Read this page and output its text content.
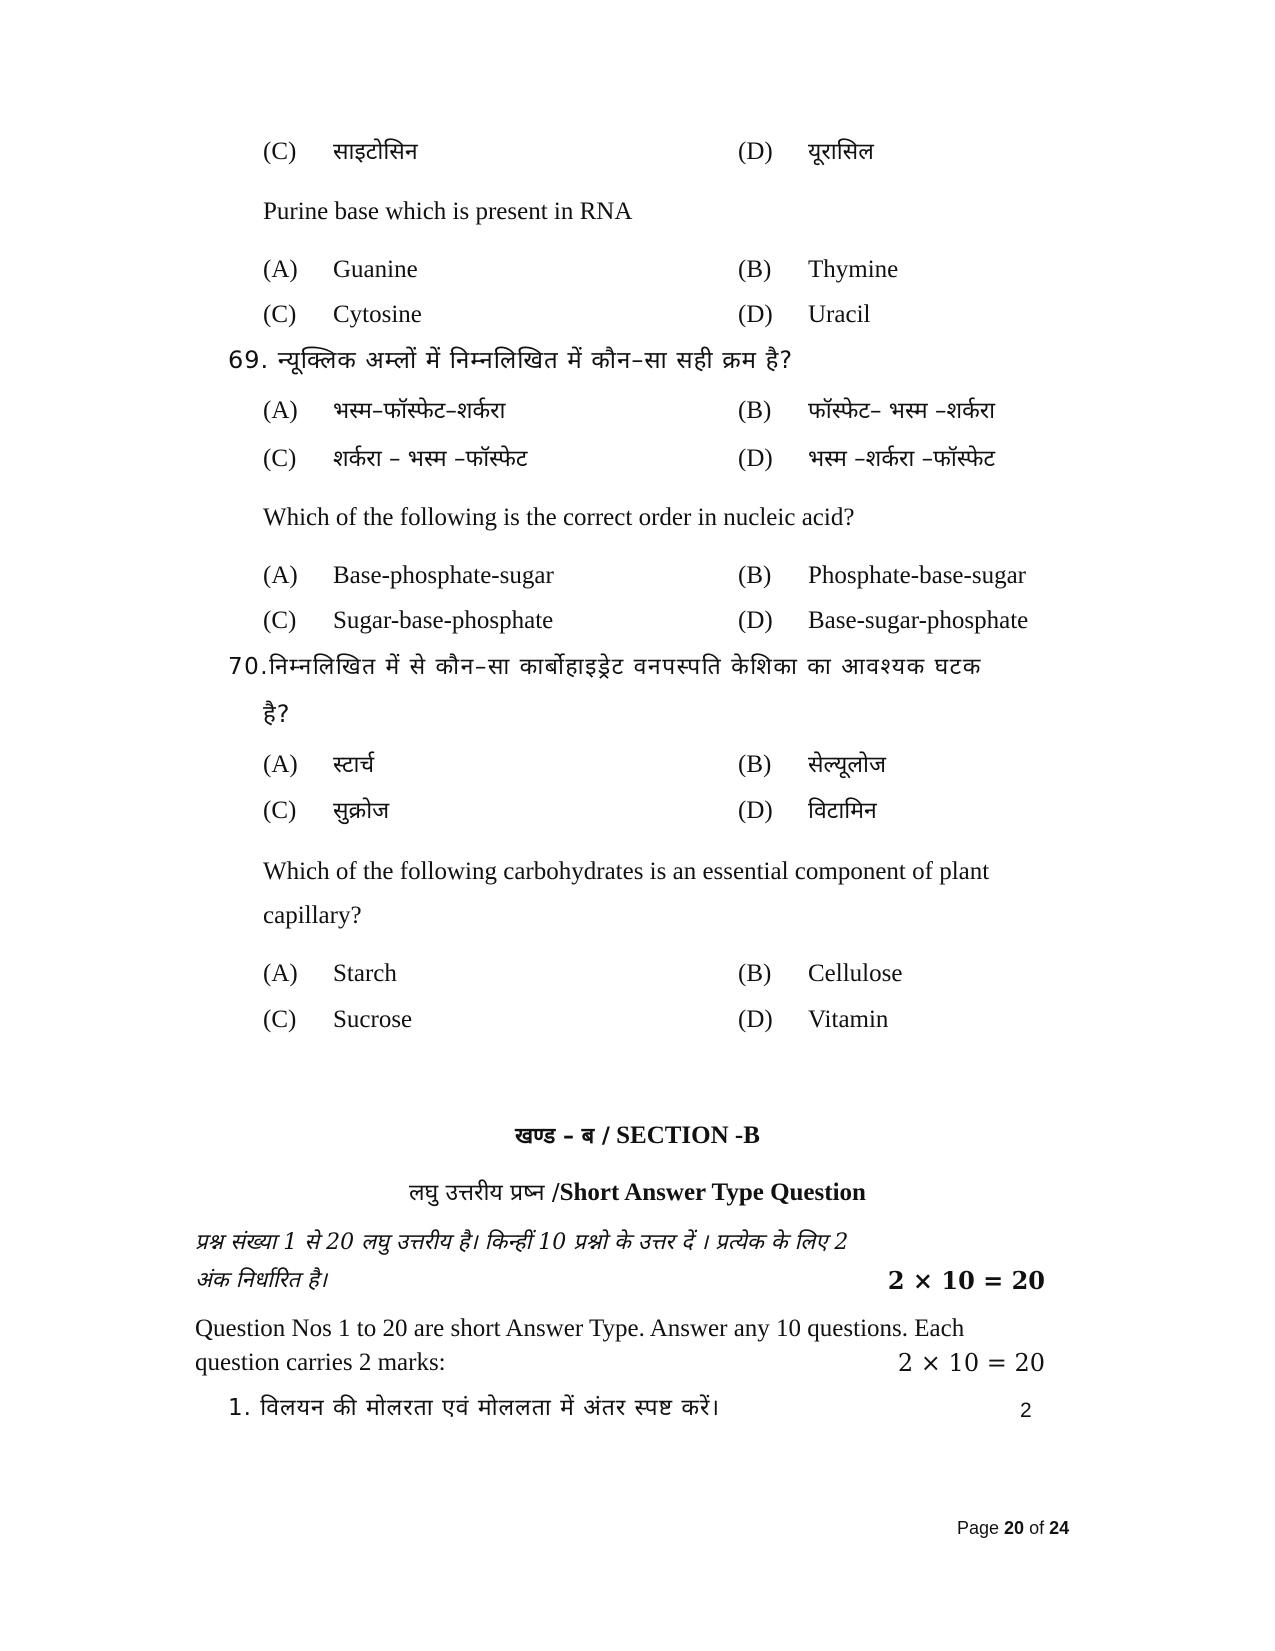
(C) साइटोसिन	(D) यूरासिल
Purine base which is present in RNA
(A) Guanine	(B) Thymine
(C) Cytosine	(D) Uracil
69. न्यूक्लिक अम्लों में निम्नलिखित में कौन–सा सही क्रम है?
(A) भस्म–फॉस्फेट–शर्करा	(B) फॉस्फेट– भस्म –शर्करा
(C) शर्करा – भस्म –फॉस्फेट	(D) भस्म –शर्करा –फॉस्फेट
Which of the following is the correct order in nucleic acid?
(A) Base-phosphate-sugar	(B) Phosphate-base-sugar
(C) Sugar-base-phosphate	(D) Base-sugar-phosphate
70.निम्नलिखित में से कौन–सा कार्बोहाइड्रेट वनपस्पति केशिका का आवश्यक घटक
है?
(A) स्टार्च	(B) सेल्यूलोज
(C) सुक्रोज	(D) विटामिन
Which of the following carbohydrates is an essential component of plant
capillary?
(A) Starch	(B) Cellulose
(C) Sucrose	(D) Vitamin
खण्ड – ब / SECTION -B
लघु उत्तरीय प्रष्न /Short Answer Type Question
प्रश्न संख्या 1 से 20 लघु उत्तरीय है। किन्हीं 10 प्रश्नो के उत्तर दें । प्रत्येक के लिए 2
अंक निर्धारित है।	2 × 10 = 20
Question Nos 1 to 20 are short Answer Type. Answer any 10 questions. Each
question carries 2 marks:	2 × 10 = 20
1. विलयन की मोलरता एवं मोललता में अंतर स्पष्ट करें।	2
Page 20 of 24
